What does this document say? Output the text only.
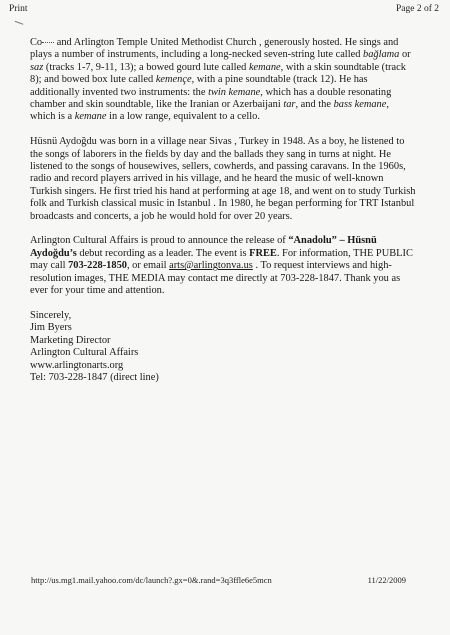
Print	Page 2 of 2

Co and Arlington Temple United Methodist Church , generously hosted. He sings and plays a number of instruments, including a long-necked seven-string lute called bağlama or saz (tracks 1-7, 9-11, 13); a bowed gourd lute called kemane, with a skin soundtable (track 8); and bowed box lute called kemençe, with a pine soundtable (track 12). He has additionally invented two instruments: the twin kemane, which has a double resonating chamber and skin soundtable, like the Iranian or Azerbaijani tar, and the bass kemane, which is a kemane in a low range, equivalent to a cello.

Hüsnü Aydoğdu was born in a village near Sivas , Turkey in 1948. As a boy, he listened to the songs of laborers in the fields by day and the ballads they sang in turns at night. He listened to the songs of housewives, sellers, cowherds, and passing caravans. In the 1960s, radio and record players arrived in his village, and he heard the music of well-known Turkish singers. He first tried his hand at performing at age 18, and went on to study Turkish folk and Turkish classical music in Istanbul . In 1980, he began performing for TRT Istanbul broadcasts and concerts, a job he would hold for over 20 years.

Arlington Cultural Affairs is proud to announce the release of “Anadolu” – Hüsnü Aydoğdu’s debut recording as a leader. The event is FREE. For information, THE PUBLIC may call 703-228-1850, or email arts@arlingtonva.us . To request interviews and high-resolution images, THE MEDIA may contact me directly at 703-228-1847. Thank you as ever for your time and attention.

Sincerely,
Jim Byers
Marketing Director
Arlington Cultural Affairs
www.arlingtonarts.org
Tel: 703-228-1847 (direct line)
http://us.mg1.mail.yahoo.com/dc/launch?.gx=0&.rand=3q3ffle6e5mcn	11/22/2009
